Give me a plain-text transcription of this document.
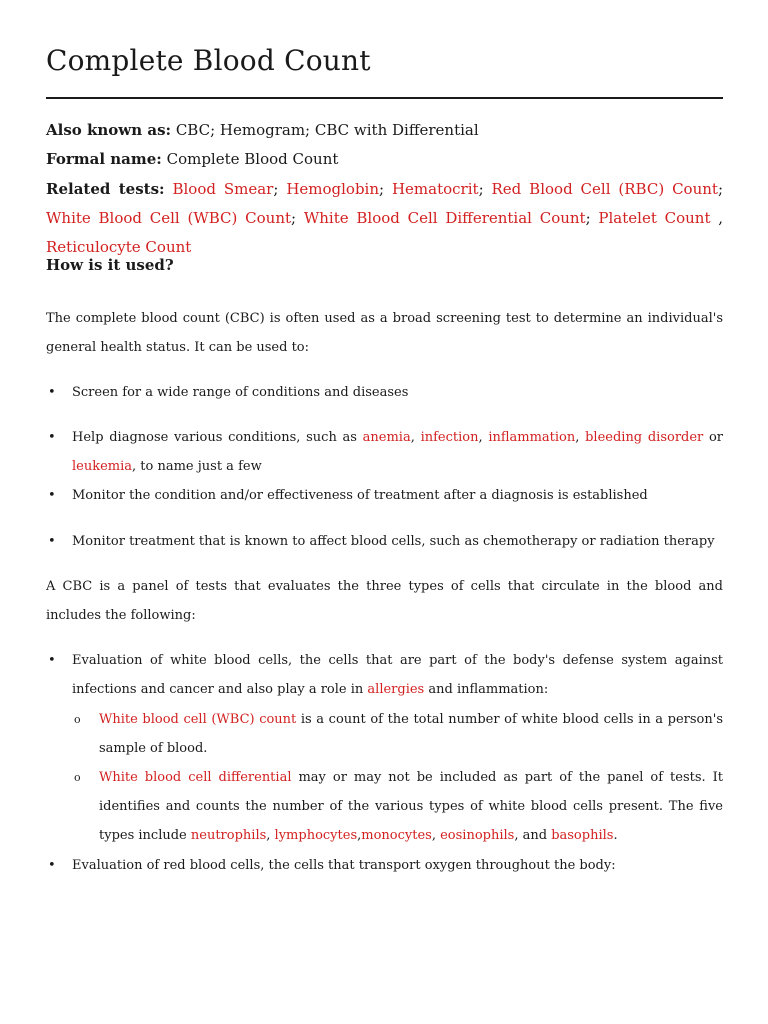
Complete Blood Count
Also known as: CBC; Hemogram; CBC with Differential
Formal name: Complete Blood Count
Related tests: Blood Smear; Hemoglobin; Hematocrit; Red Blood Cell (RBC) Count; White Blood Cell (WBC) Count; White Blood Cell Differential Count; Platelet Count , Reticulocyte Count
How is it used?

The complete blood count (CBC) is often used as a broad screening test to determine an individual's general health status. It can be used to:

• Screen for a wide range of conditions and diseases
• Help diagnose various conditions, such as anemia, infection, inflammation, bleeding disorder or leukemia, to name just a few
• Monitor the condition and/or effectiveness of treatment after a diagnosis is established
• Monitor treatment that is known to affect blood cells, such as chemotherapy or radiation therapy

A CBC is a panel of tests that evaluates the three types of cells that circulate in the blood and includes the following:

• Evaluation of white blood cells, the cells that are part of the body's defense system against infections and cancer and also play a role in allergies and inflammation:
o White blood cell (WBC) count is a count of the total number of white blood cells in a person's sample of blood.
o White blood cell differential may or may not be included as part of the panel of tests. It identifies and counts the number of the various types of white blood cells present. The five types include neutrophils, lymphocytes,monocytes, eosinophils, and basophils.
• Evaluation of red blood cells, the cells that transport oxygen throughout the body:
